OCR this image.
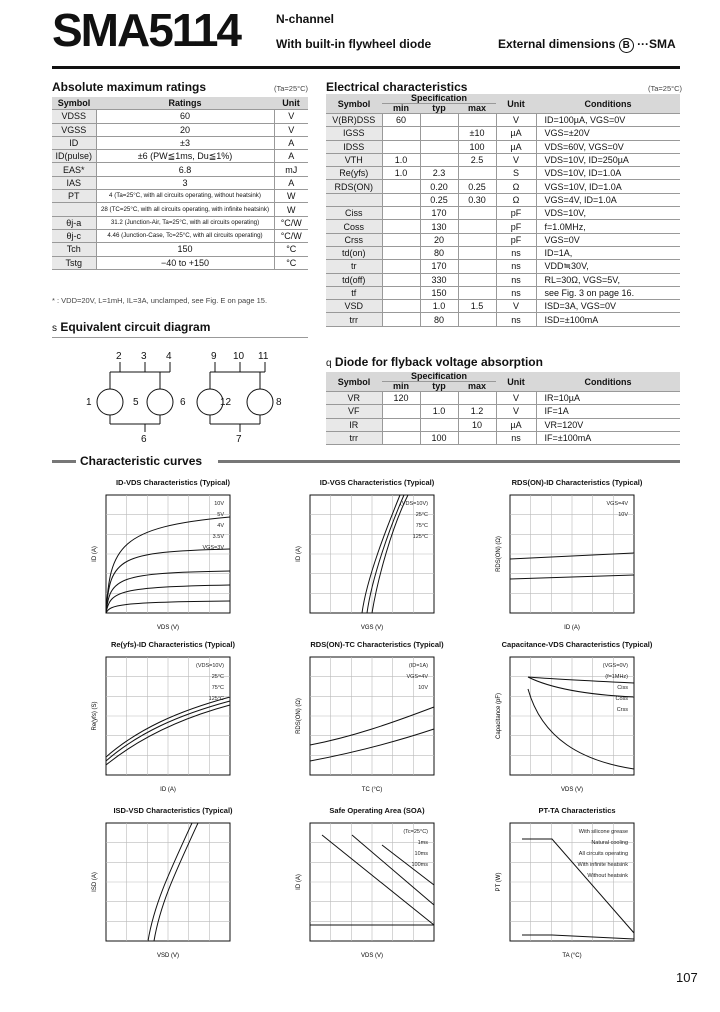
SMA5114	N-channel
With built-in flywheel diode	External dimensions B ···SMA
Absolute maximum ratings	(Ta=25°C)
Symbol	Ratings	Unit
VDSS	60	V
VGSS	20	V
ID	±3	A
ID(pulse)	±6 (PW≦1ms, Du≦1%)	A
EAS*	6.8	mJ
IAS	3	A
PT	4 (Ta=25°C, with all circuits operating, without heatsink)	W
	28 (TC=25°C, with all circuits operating, with infinite heatsink)	W
θj-a	31.2 (Junction-Air, Ta=25°C, with all circuits operating)	°C/W
θj-c	4.46 (Junction-Case, Tc=25°C, with all circuits operating)	°C/W
Tch	150	°C
Tstg	−40 to +150	°C
* : VDD=20V, L=1mH, IL=3A, unclamped, see Fig. E on page 15.
s Equivalent circuit diagram
2 3 4	9 10 11
1	5	6	12
6	7
8
Electrical characteristics	(Ta=25°C)
Symbol	Specification			Unit	Conditions
	min	typ	max		
V(BR)DSS	60			V	ID=100µA, VGS=0V
IGSS			±10	µA	VGS=±20V
IDSS			100	µA	VDS=60V, VGS=0V
VTH	1.0		2.5	V	VDS=10V, ID=250µA
Re(yfs)	1.0	2.3		S	VDS=10V, ID=1.0A
RDS(ON)		0.20	0.25	Ω	VGS=10V, ID=1.0A
		0.25	0.30	Ω	VGS=4V, ID=1.0A
Ciss		170		pF	VDS=10V,
Coss		130		pF	f=1.0MHz,
Crss		20		pF	VGS=0V
td(on)		80		ns	ID=1A,
tr		170		ns	VDD≒30V,
td(off)		330		ns	RL=30Ω, VGS=5V,
tf		150		ns	see Fig. 3 on page 16.
VSD		1.0	1.5	V	ISD=3A, VGS=0V
trr		80		ns	ISD=±100mA
q Diode for flyback voltage absorption
Symbol	Specification			Unit	Conditions
	min	typ	max		
VR	120			V	IR=10µA
VF		1.0	1.2	V	IF=1A
IR			10	µA	VR=120V
trr		100		ns	IF=±100mA
Characteristic curves
ID-VDS Characteristics (Typical)
10V
5V
4V
3.5V
VGS=3V
VDS (V)
ID (A)
ID-VGS Characteristics (Typical)
(VDS=10V)
25°C
75°C
125°C
VGS (V)
ID (A)
RDS(ON)-ID Characteristics (Typical)
VGS=4V
10V
ID (A)
RDS(ON) (Ω)
Re(yfs)-ID Characteristics (Typical)
(VDS=10V)
25°C
75°C
125°C
ID (A)
Re(yfs) (S)
RDS(ON)-TC Characteristics (Typical)
(ID=1A)
VGS=4V
10V
TC (°C)
RDS(ON) (Ω)
Capacitance-VDS Characteristics (Typical)
(VGS=0V)
(f=1MHz)
Ciss
Coss
Crss
VDS (V)
Capacitance (pF)
ISD-VSD Characteristics (Typical)
VSD (V)
ISD (A)
Safe Operating Area (SOA)
(Tc=25°C)
1ms
10ms
100ms
VDS (V)
ID (A)
PT-TA Characteristics
With silicone grease
Natural cooling
All circuits operating
With infinite heatsink
Without heatsink
TA (°C)
PT (W)
107
